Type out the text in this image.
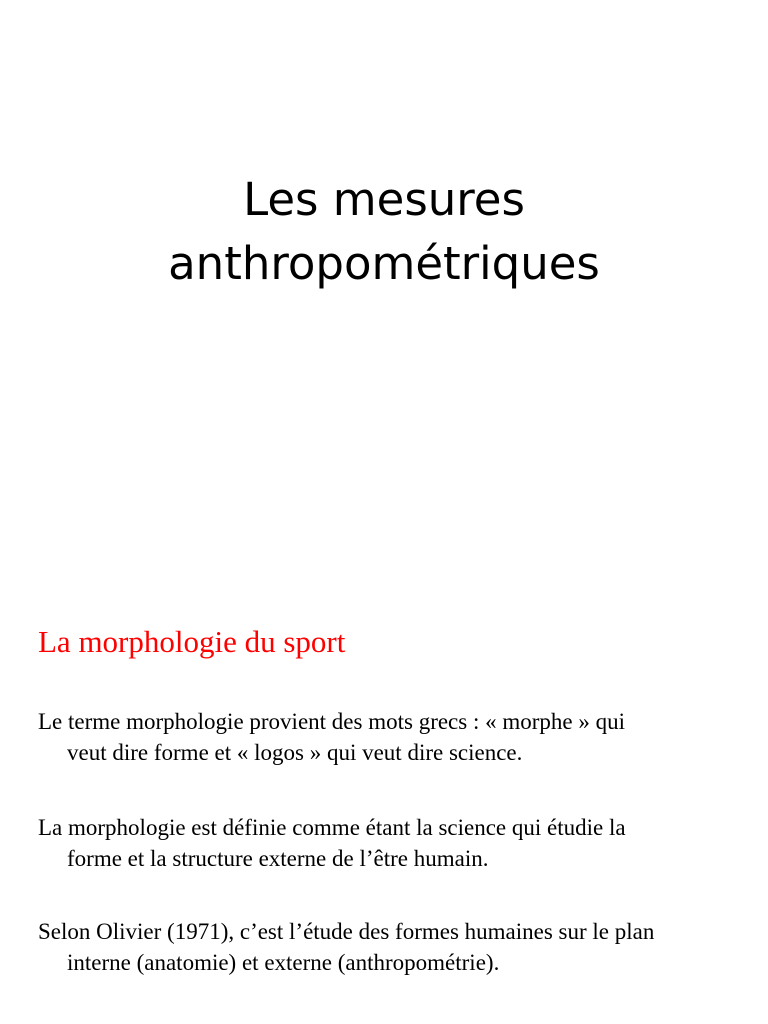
Les mesures
anthropométriques
La morphologie du sport
Le terme morphologie provient des mots grecs : « morphe » qui
veut dire forme et « logos » qui veut dire science.
La morphologie est définie comme étant la science qui étudie la
forme et la structure externe de l’être humain.
Selon Olivier (1971), c’est l’étude des formes humaines sur le plan
interne (anatomie) et externe (anthropométrie).
